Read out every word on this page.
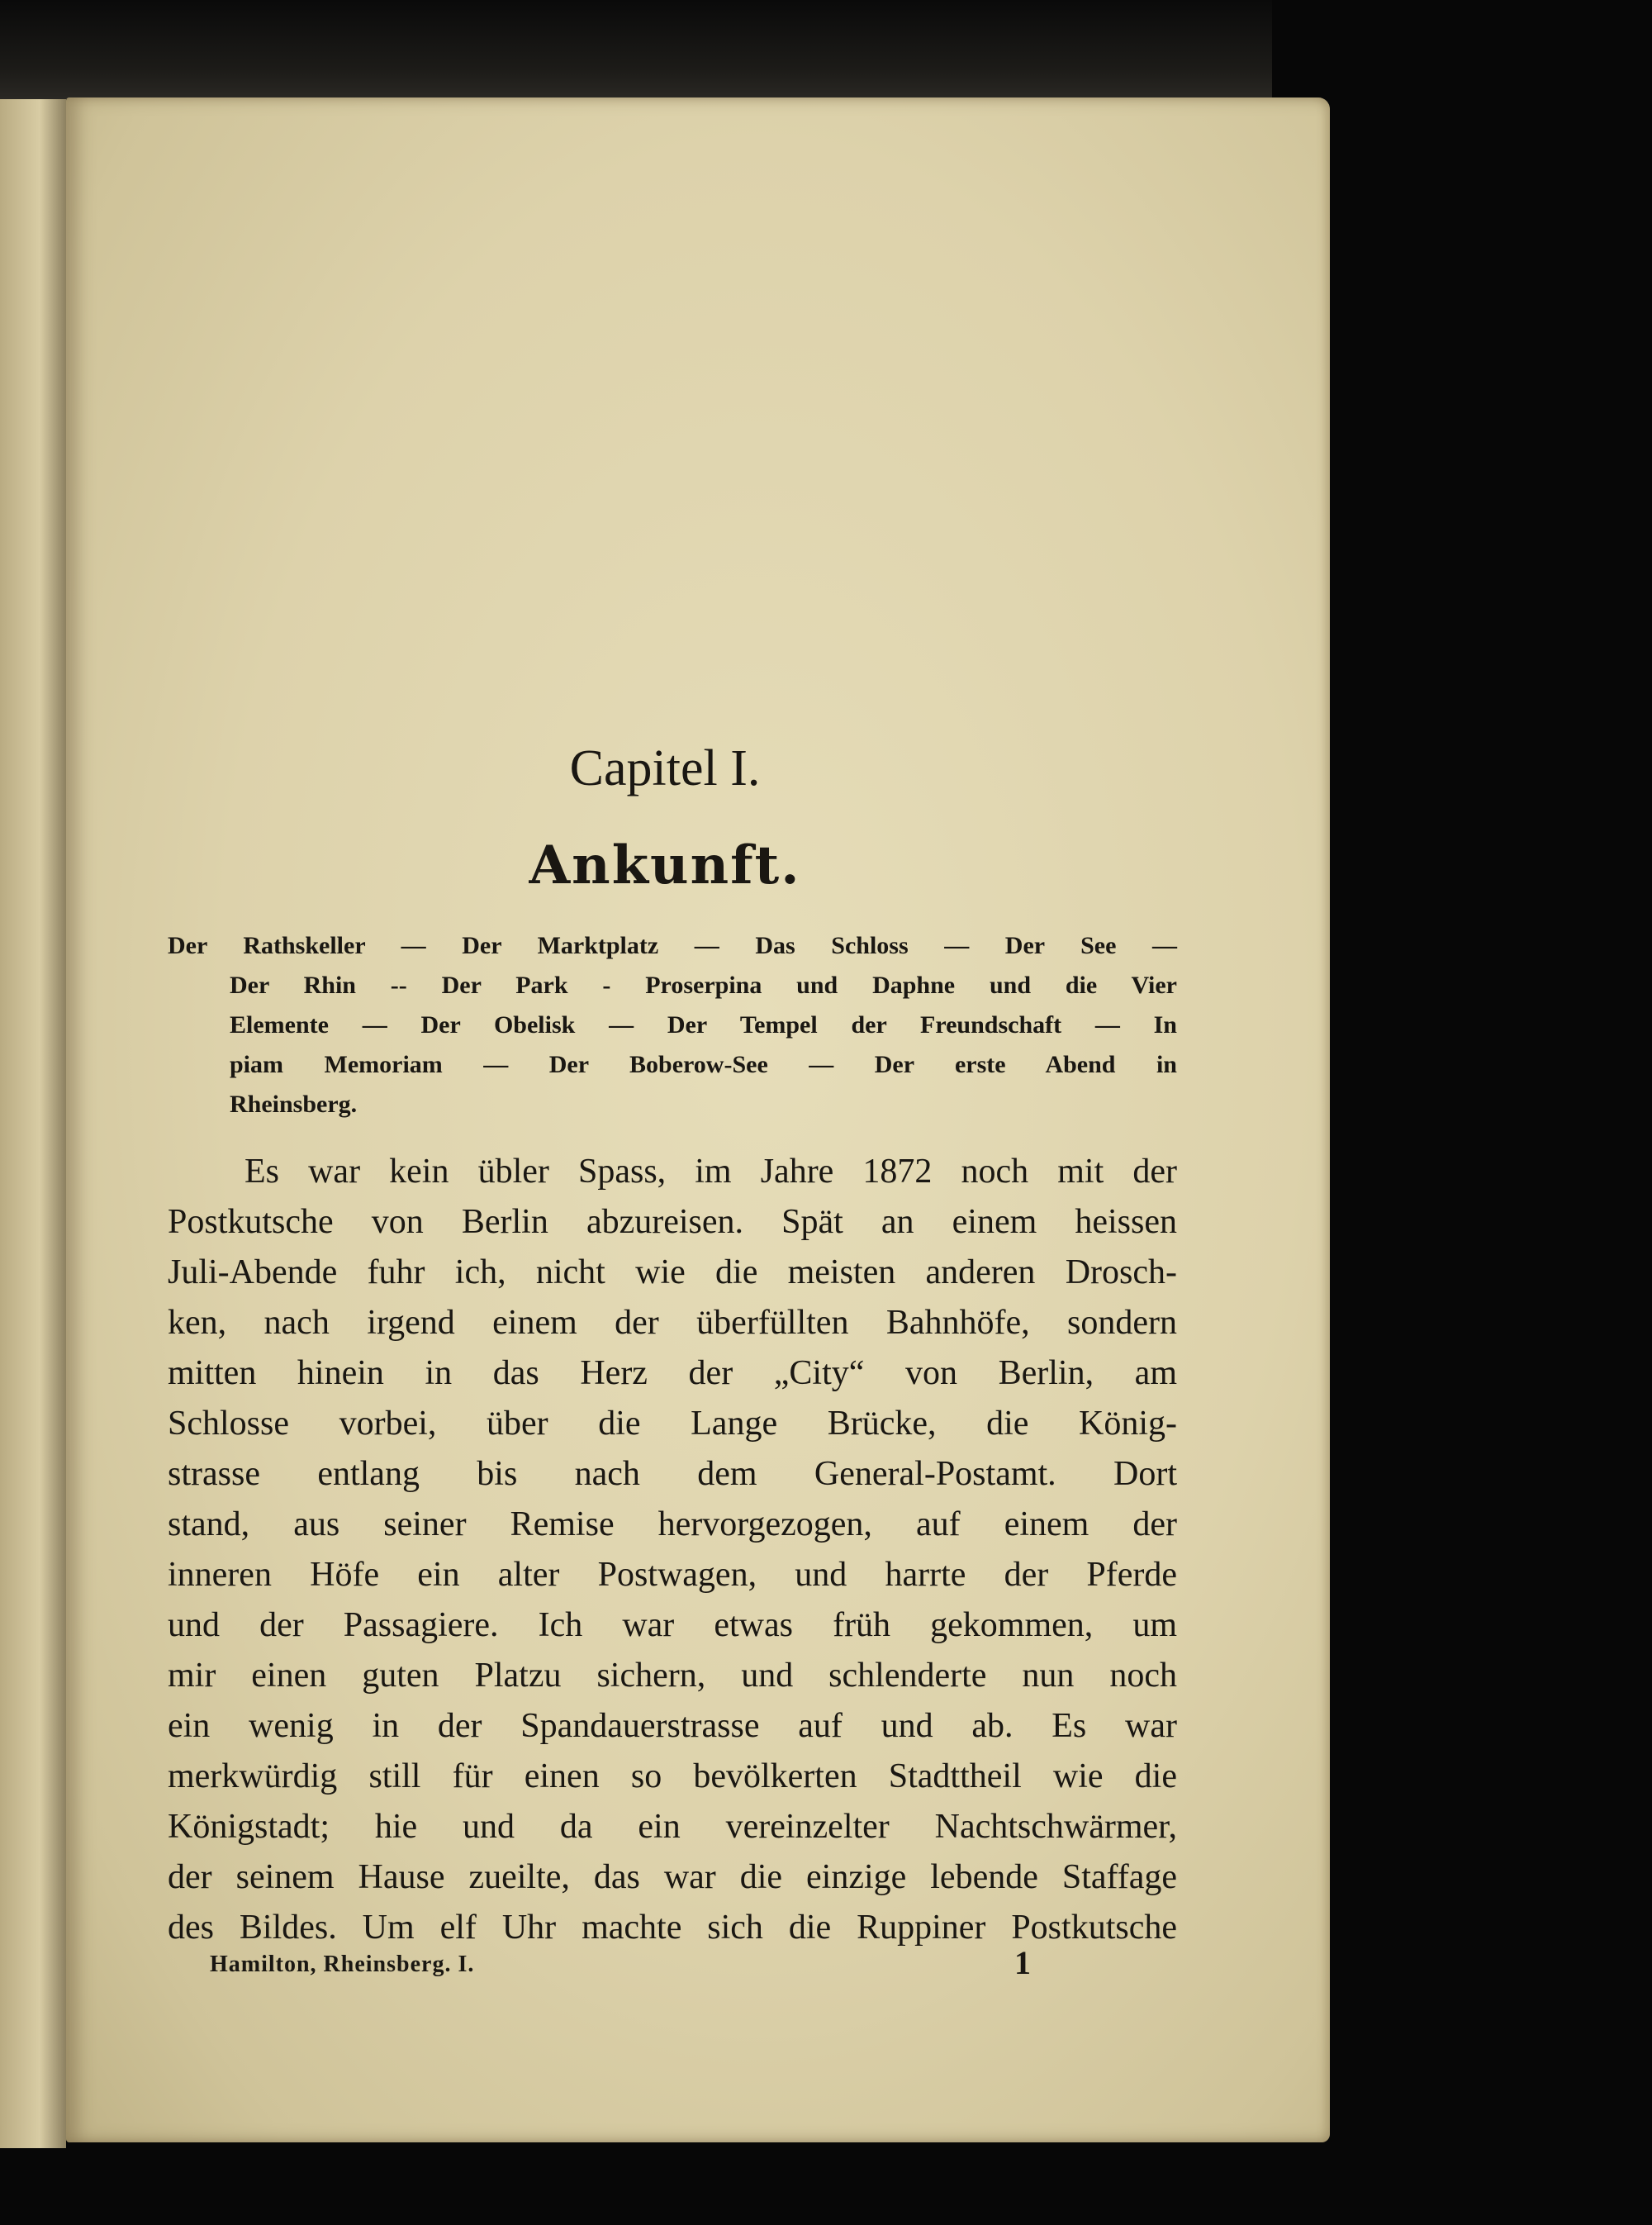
Capitel I.
Ankunft.
Der Rathskeller — Der Marktplatz — Das Schloss — Der See —
Der Rhin -- Der Park - Proserpina und Daphne und die Vier
Elemente — Der Obelisk — Der Tempel der Freundschaft — In
piam Memoriam — Der Boberow-See — Der erste Abend in
Rheinsberg.
Es war kein übler Spass, im Jahre 1872 noch mit der
Postkutsche von Berlin abzureisen. Spät an einem heissen
Juli-Abende fuhr ich, nicht wie die meisten anderen Drosch-
ken, nach irgend einem der überfüllten Bahnhöfe, sondern
mitten hinein in das Herz der „City“ von Berlin, am
Schlosse vorbei, über die Lange Brücke, die König-
strasse entlang bis nach dem General-Postamt. Dort
stand, aus seiner Remise hervorgezogen, auf einem der
inneren Höfe ein alter Postwagen, und harrte der Pferde
und der Passagiere. Ich war etwas früh gekommen, um
mir einen guten Platzu sichern, und schlenderte nun noch
ein wenig in der Spandauerstrasse auf und ab. Es war
merkwürdig still für einen so bevölkerten Stadttheil wie die
Königstadt; hie und da ein vereinzelter Nachtschwärmer,
der seinem Hause zueilte, das war die einzige lebende Staffage
des Bildes. Um elf Uhr machte sich die Ruppiner Postkutsche
Hamilton, Rheinsberg. I.	1
